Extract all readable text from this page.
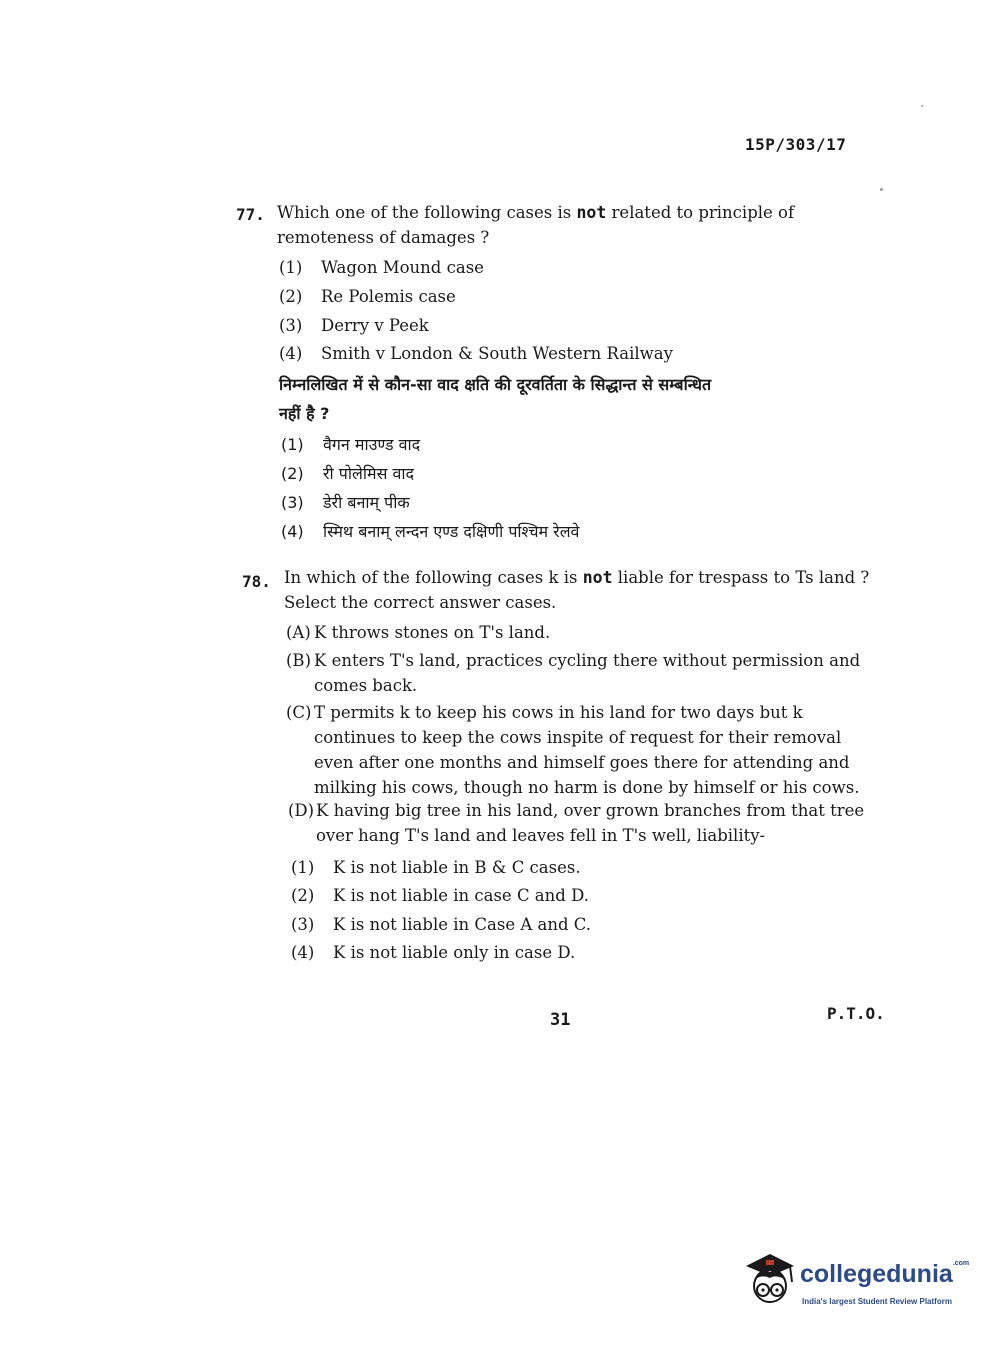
15P/303/17
77. Which one of the following cases is not related to principle of
remoteness of damages ?
(1) Wagon Mound case
(2) Re Polemis case
(3) Derry v Peek
(4) Smith v London & South Western Railway
निम्नलिखित में से कौन-सा वाद क्षति की दूरवर्तिता के सिद्धान्त से सम्बन्धित
नहीं है ?
(1) वैगन माउण्ड वाद
(2) री पोलेमिस वाद
(3) डेरी बनाम् पीक
(4) स्मिथ बनाम् लन्दन एण्ड दक्षिणी पश्चिम रेलवे
78. In which of the following cases k is not liable for trespass to Ts land ?
Select the correct answer cases.
(A) K throws stones on T's land.
(B) K enters T's land, practices cycling there without permission and
comes back.
(C) T permits k to keep his cows in his land for two days but k
continues to keep the cows inspite of request for their removal
even after one months and himself goes there for attending and
milking his cows, though no harm is done by himself or his cows.
(D) K having big tree in his land, over grown branches from that tree
over hang T's land and leaves fell in T's well, liability-
(1) K is not liable in B & C cases.
(2) K is not liable in case C and D.
(3) K is not liable in Case A and C.
(4) K is not liable only in case D.
31	P.T.O.
collegedunia$^{.com}$
India's largest Student Review Platform
